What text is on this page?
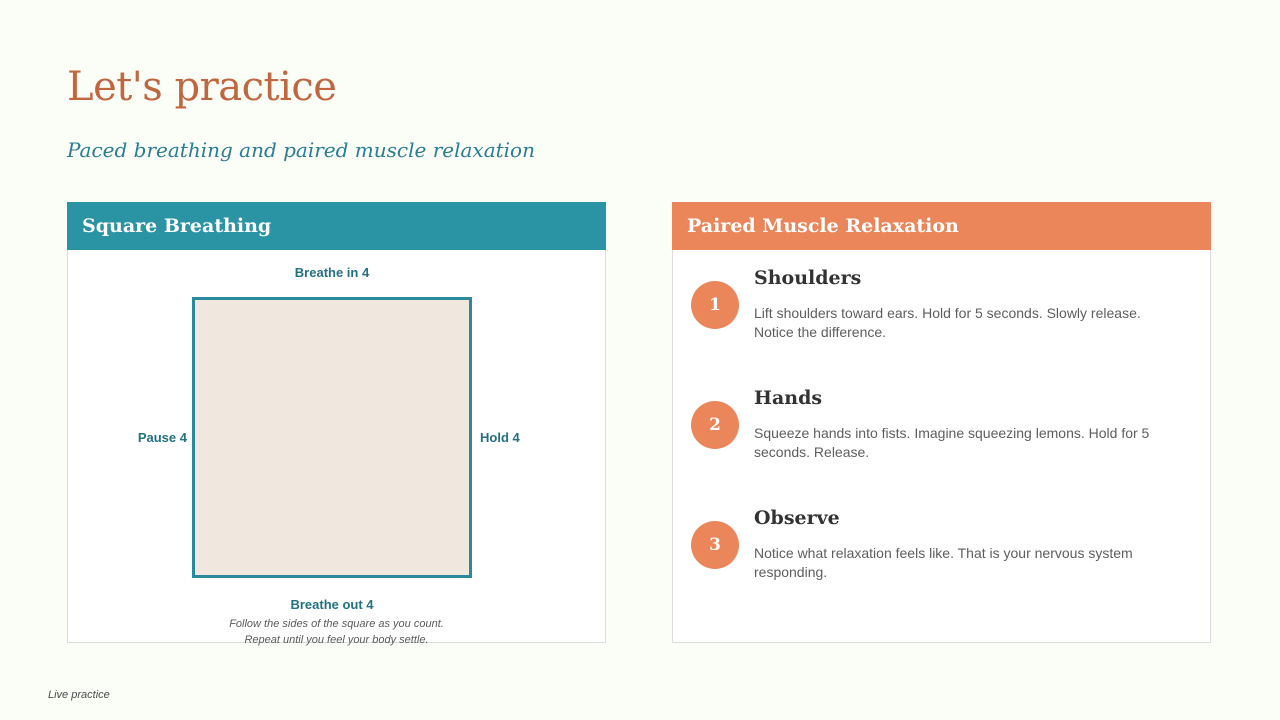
Let's practice
Paced breathing and paired muscle relaxation
Square Breathing
Breathe in 4
Pause 4	Hold 4
Breathe out 4
Follow the sides of the square as you count.
Repeat until you feel your body settle.
Paired Muscle Relaxation
1
Shoulders
Lift shoulders toward ears. Hold for 5 seconds. Slowly release. Notice the difference.
2
Hands
Squeeze hands into fists. Imagine squeezing lemons. Hold for 5 seconds. Release.
3
Observe
Notice what relaxation feels like. That is your nervous system responding.
Live practice
